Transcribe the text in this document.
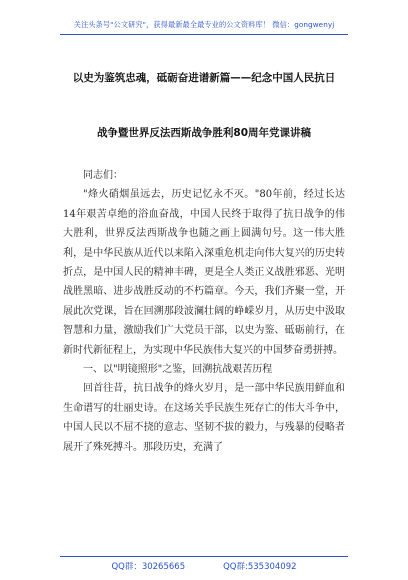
关注头条号"公文研究"，获得最新最全最专业的公文资料库！ 微信：gongwenyj
以史为鉴筑忠魂，砥砺奋进谱新篇——纪念中国人民抗日
战争暨世界反法西斯战争胜利80周年党课讲稿

同志们：

"烽火硝烟虽远去，历史记忆永不灭。"80年前，经过长达14年艰苦卓绝的浴血奋战，中国人民终于取得了抗日战争的伟大胜利，世界反法西斯战争也随之画上圆满句号。这一伟大胜利，是中华民族从近代以来陷入深重危机走向伟大复兴的历史转折点，是中国人民的精神丰碑，更是全人类正义战胜邪恶、光明战胜黑暗、进步战胜反动的不朽篇章。今天，我们齐聚一堂，开展此次党课，旨在回溯那段波澜壮阔的峥嵘岁月，从历史中汲取智慧和力量，激励我们广大党员干部，以史为鉴、砥砺前行，在新时代新征程上，为实现中华民族伟大复兴的中国梦奋勇拼搏。

一、以"明镜照形"之鉴，回溯抗战艰苦历程

回首往昔，抗日战争的烽火岁月，是一部中华民族用鲜血和生命谱写的壮丽史诗。在这场关乎民族生死存亡的伟大斗争中，中国人民以不屈不挠的意志、坚韧不拔的毅力，与残暴的侵略者展开了殊死搏斗。那段历史，充满了

QQ群：30265665	QQ群:535304092
